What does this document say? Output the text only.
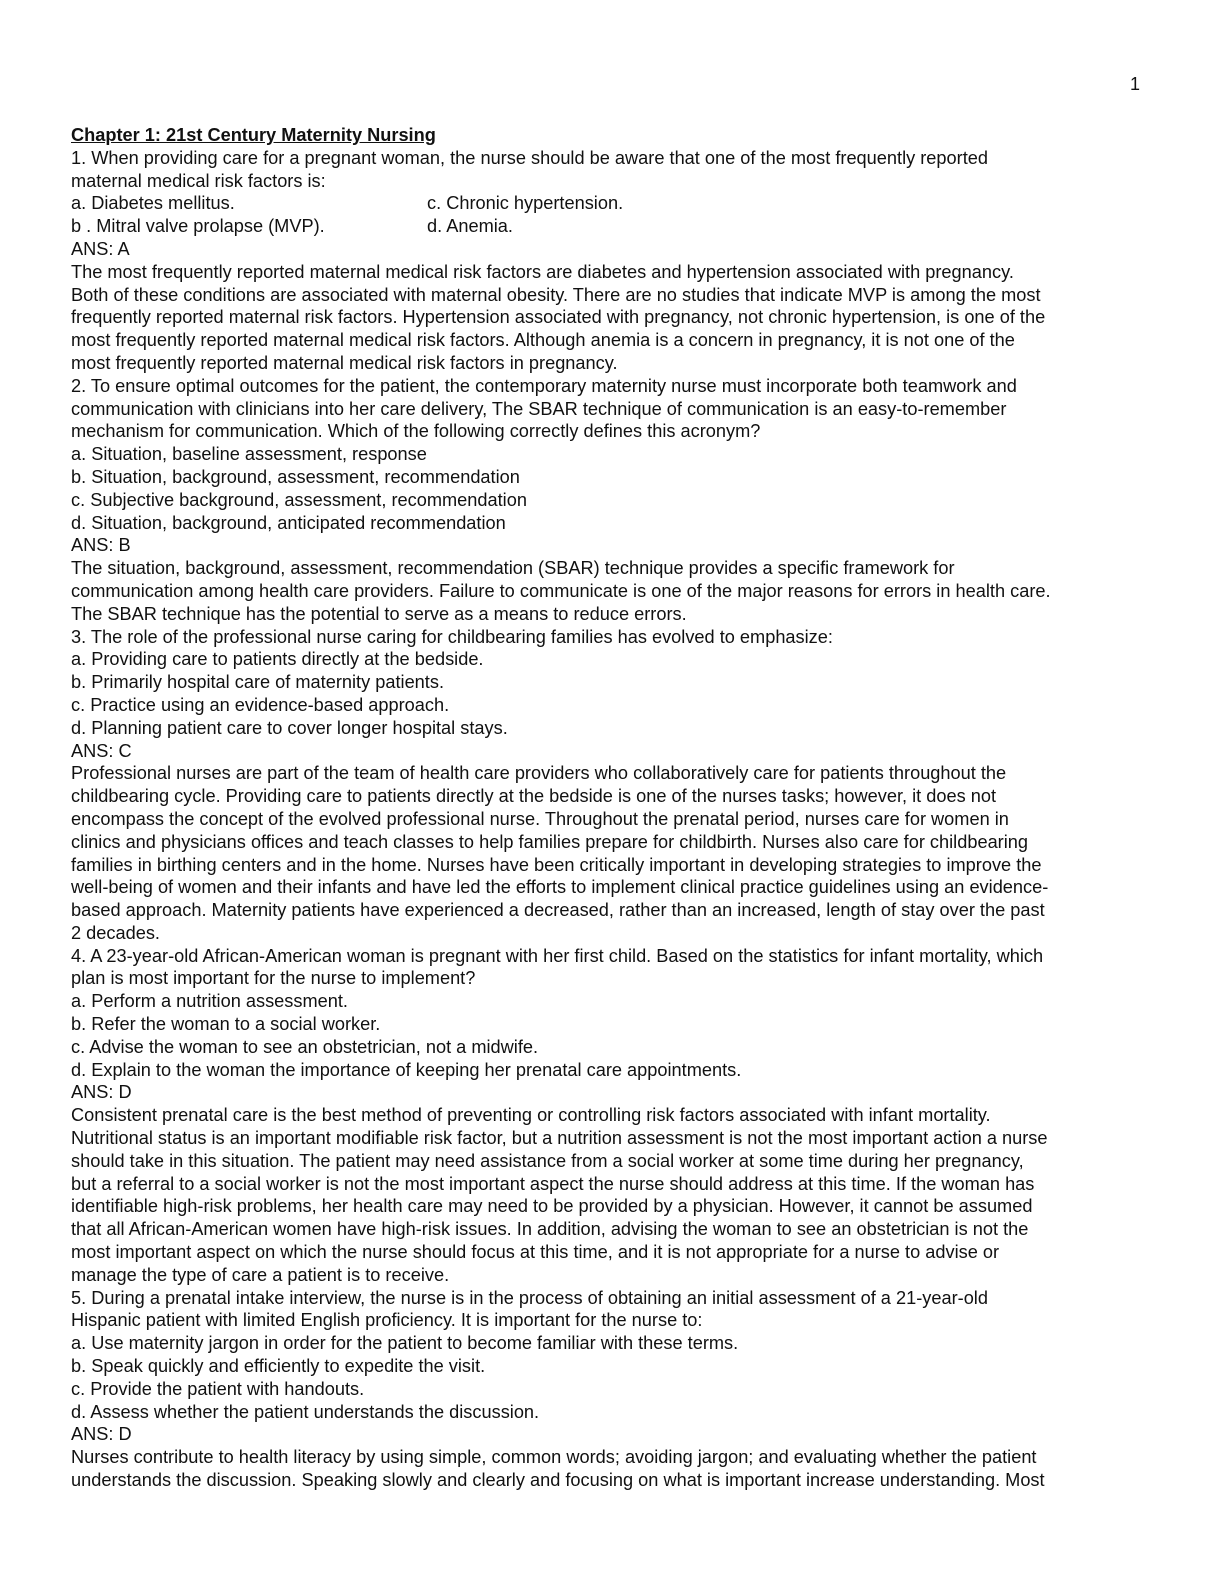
1
Chapter 1: 21st Century Maternity Nursing
1. When providing care for a pregnant woman, the nurse should be aware that one of the most frequently reported
maternal medical risk factors is:
a. Diabetes mellitus.	c. Chronic hypertension.
b . Mitral valve prolapse (MVP).	d. Anemia.
ANS: A
The most frequently reported maternal medical risk factors are diabetes and hypertension associated with pregnancy.
Both of these conditions are associated with maternal obesity. There are no studies that indicate MVP is among the most
frequently reported maternal risk factors. Hypertension associated with pregnancy, not chronic hypertension, is one of the
most frequently reported maternal medical risk factors. Although anemia is a concern in pregnancy, it is not one of the
most frequently reported maternal medical risk factors in pregnancy.
2. To ensure optimal outcomes for the patient, the contemporary maternity nurse must incorporate both teamwork and
communication with clinicians into her care delivery, The SBAR technique of communication is an easy-to-remember
mechanism for communication. Which of the following correctly defines this acronym?
a. Situation, baseline assessment, response
b. Situation, background, assessment, recommendation
c. Subjective background, assessment, recommendation
d. Situation, background, anticipated recommendation
ANS: B
The situation, background, assessment, recommendation (SBAR) technique provides a specific framework for
communication among health care providers. Failure to communicate is one of the major reasons for errors in health care.
The SBAR technique has the potential to serve as a means to reduce errors.
3. The role of the professional nurse caring for childbearing families has evolved to emphasize:
a. Providing care to patients directly at the bedside.
b. Primarily hospital care of maternity patients.
c. Practice using an evidence-based approach.
d. Planning patient care to cover longer hospital stays.
ANS: C
Professional nurses are part of the team of health care providers who collaboratively care for patients throughout the
childbearing cycle. Providing care to patients directly at the bedside is one of the nurses tasks; however, it does not
encompass the concept of the evolved professional nurse. Throughout the prenatal period, nurses care for women in
clinics and physicians offices and teach classes to help families prepare for childbirth. Nurses also care for childbearing
families in birthing centers and in the home. Nurses have been critically important in developing strategies to improve the
well-being of women and their infants and have led the efforts to implement clinical practice guidelines using an evidence-
based approach. Maternity patients have experienced a decreased, rather than an increased, length of stay over the past
2 decades.
4. A 23-year-old African-American woman is pregnant with her first child. Based on the statistics for infant mortality, which
plan is most important for the nurse to implement?
a. Perform a nutrition assessment.
b. Refer the woman to a social worker.
c. Advise the woman to see an obstetrician, not a midwife.
d. Explain to the woman the importance of keeping her prenatal care appointments.
ANS: D
Consistent prenatal care is the best method of preventing or controlling risk factors associated with infant mortality.
Nutritional status is an important modifiable risk factor, but a nutrition assessment is not the most important action a nurse
should take in this situation. The patient may need assistance from a social worker at some time during her pregnancy,
but a referral to a social worker is not the most important aspect the nurse should address at this time. If the woman has
identifiable high-risk problems, her health care may need to be provided by a physician. However, it cannot be assumed
that all African-American women have high-risk issues. In addition, advising the woman to see an obstetrician is not the
most important aspect on which the nurse should focus at this time, and it is not appropriate for a nurse to advise or
manage the type of care a patient is to receive.
5. During a prenatal intake interview, the nurse is in the process of obtaining an initial assessment of a 21-year-old
Hispanic patient with limited English proficiency. It is important for the nurse to:
a. Use maternity jargon in order for the patient to become familiar with these terms.
b. Speak quickly and efficiently to expedite the visit.
c. Provide the patient with handouts.
d. Assess whether the patient understands the discussion.
ANS: D
Nurses contribute to health literacy by using simple, common words; avoiding jargon; and evaluating whether the patient
understands the discussion. Speaking slowly and clearly and focusing on what is important increase understanding. Most
